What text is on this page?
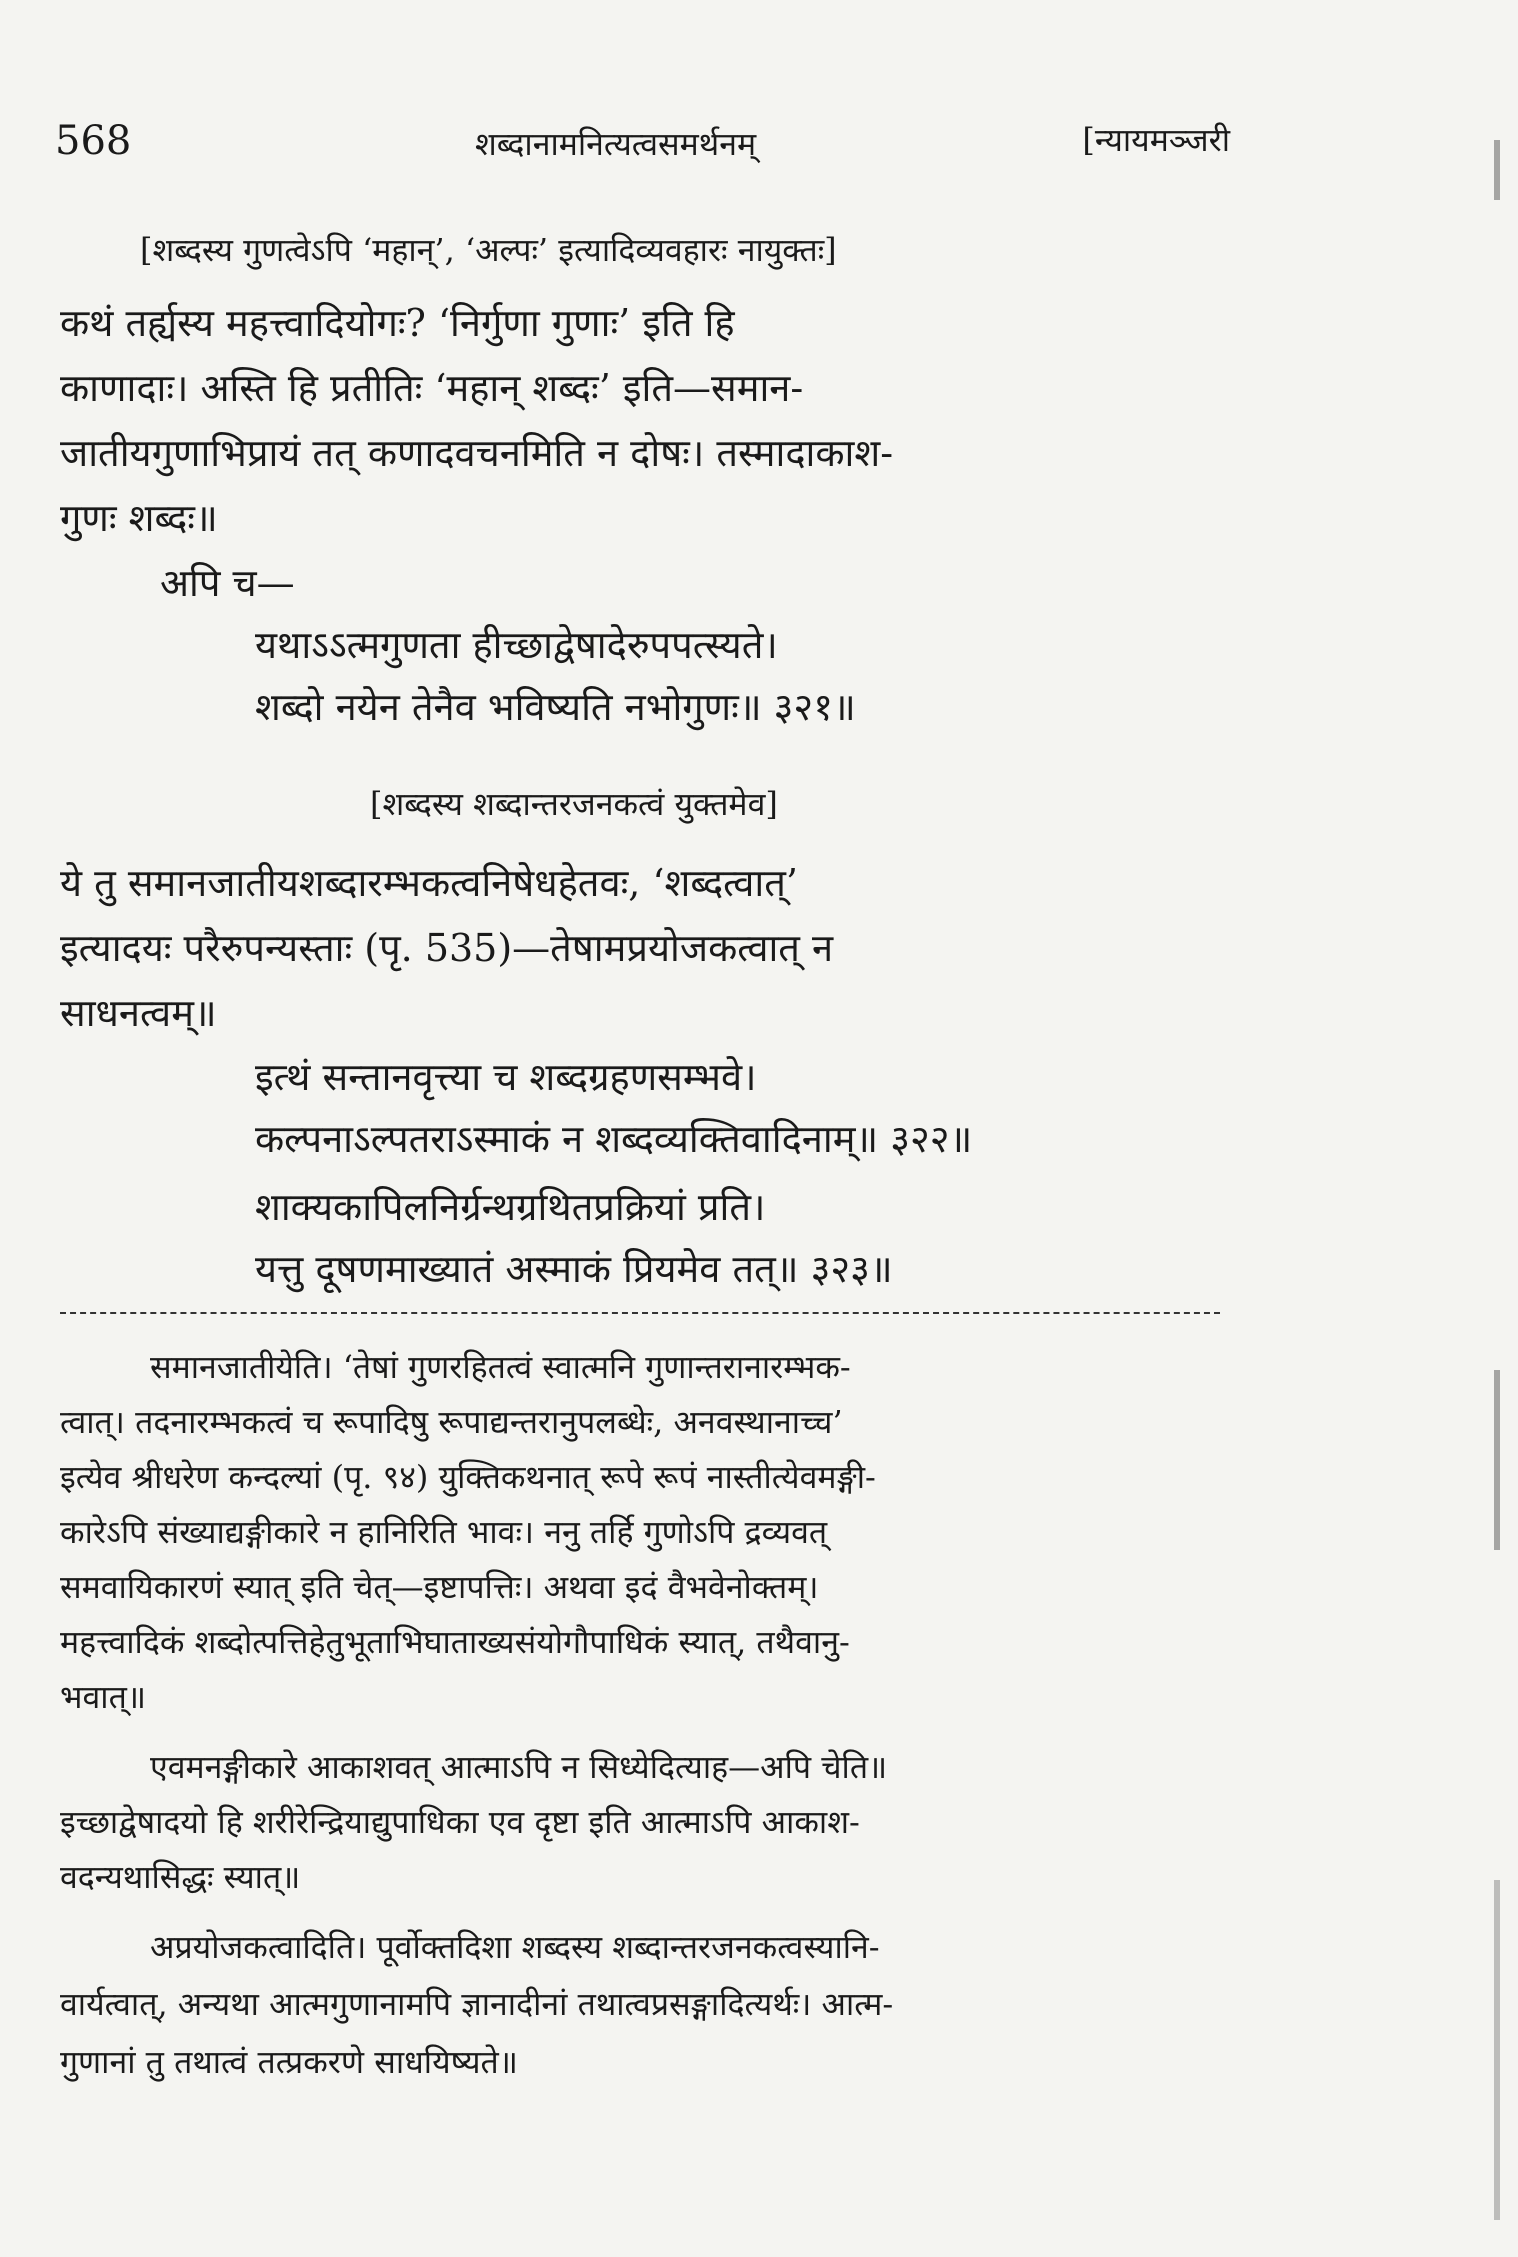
568	शब्दानामनित्यत्वसमर्थनम्	[न्यायमञ्जरी
[शब्दस्य गुणत्वेऽपि ‘महान्’, ‘अल्पः’ इत्यादिव्यवहारः नायुक्तः]
कथं तर्ह्यस्य महत्त्वादियोगः? ‘निर्गुणा गुणाः’ इति हि
काणादाः। अस्ति हि प्रतीतिः ‘महान् शब्दः’ इति—समान-
जातीयगुणाभिप्रायं तत् कणादवचनमिति न दोषः। तस्मादाकाश-
गुणः शब्दः॥
अपि च—
यथाऽऽत्मगुणता हीच्छाद्वेषादेरुपपत्स्यते।
शब्दो नयेन तेनैव भविष्यति नभोगुणः॥ ३२१॥
[शब्दस्य शब्दान्तरजनकत्वं युक्तमेव]
ये तु समानजातीयशब्दारम्भकत्वनिषेधहेतवः, ‘शब्दत्वात्’
इत्यादयः परैरुपन्यस्ताः (पृ. 535)—तेषामप्रयोजकत्वात् न
साधनत्वम्॥
इत्थं सन्तानवृत्त्या च शब्दग्रहणसम्भवे।
कल्पनाऽल्पतराऽस्माकं न शब्दव्यक्तिवादिनाम्॥ ३२२॥
शाक्यकापिलनिर्ग्रन्थग्रथितप्रक्रियां प्रति।
यत्तु दूषणमाख्यातं अस्माकं प्रियमेव तत्॥ ३२३॥
समानजातीयेति। ‘तेषां गुणरहितत्वं स्वात्मनि गुणान्तरानारम्भक-
त्वात्। तदनारम्भकत्वं च रूपादिषु रूपाद्यन्तरानुपलब्धेः, अनवस्थानाच्च’
इत्येव श्रीधरेण कन्दल्यां (पृ. ९४) युक्तिकथनात् रूपे रूपं नास्तीत्येवमङ्गी-
कारेऽपि संख्याद्यङ्गीकारे न हानिरिति भावः। ननु तर्हि गुणोऽपि द्रव्यवत्
समवायिकारणं स्यात् इति चेत्—इष्टापत्तिः। अथवा इदं वैभवेनोक्तम्।
महत्त्वादिकं शब्दोत्पत्तिहेतुभूताभिघाताख्यसंयोगौपाधिकं स्यात्, तथैवानु-
भवात्॥
एवमनङ्गीकारे आकाशवत् आत्माऽपि न सिध्येदित्याह—अपि चेति॥
इच्छाद्वेषादयो हि शरीरेन्द्रियाद्युपाधिका एव दृष्टा इति आत्माऽपि आकाश-
वदन्यथासिद्धः स्यात्॥
अप्रयोजकत्वादिति। पूर्वोक्तदिशा शब्दस्य शब्दान्तरजनकत्वस्यानि-
वार्यत्वात्, अन्यथा आत्मगुणानामपि ज्ञानादीनां तथात्वप्रसङ्गादित्यर्थः। आत्म-
गुणानां तु तथात्वं तत्प्रकरणे साधयिष्यते॥
